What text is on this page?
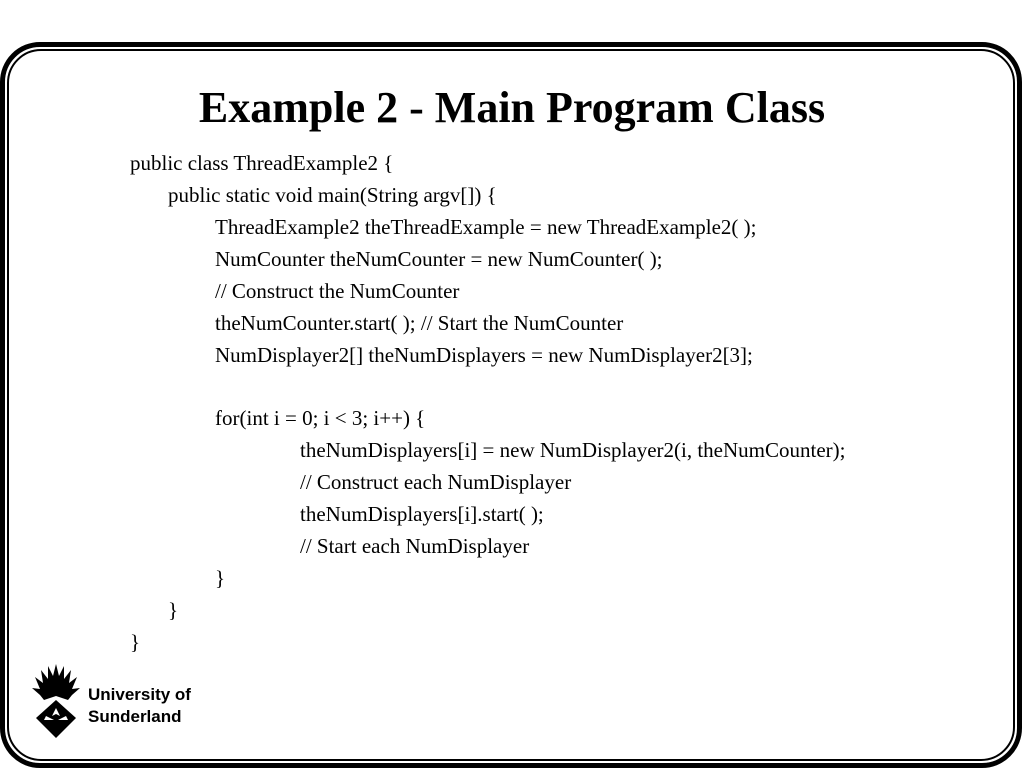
Example 2 - Main Program Class
public class ThreadExample2 {
public static void main(String argv[]) {
ThreadExample2 theThreadExample = new ThreadExample2( );
NumCounter theNumCounter = new NumCounter( );
// Construct the NumCounter
theNumCounter.start( ); // Start the NumCounter
NumDisplayer2[] theNumDisplayers = new NumDisplayer2[3];
for(int i = 0; i < 3; i++) {
theNumDisplayers[i] = new NumDisplayer2(i, theNumCounter);
// Construct each NumDisplayer
theNumDisplayers[i].start( );
// Start each NumDisplayer
}
}
}
University of
Sunderland
